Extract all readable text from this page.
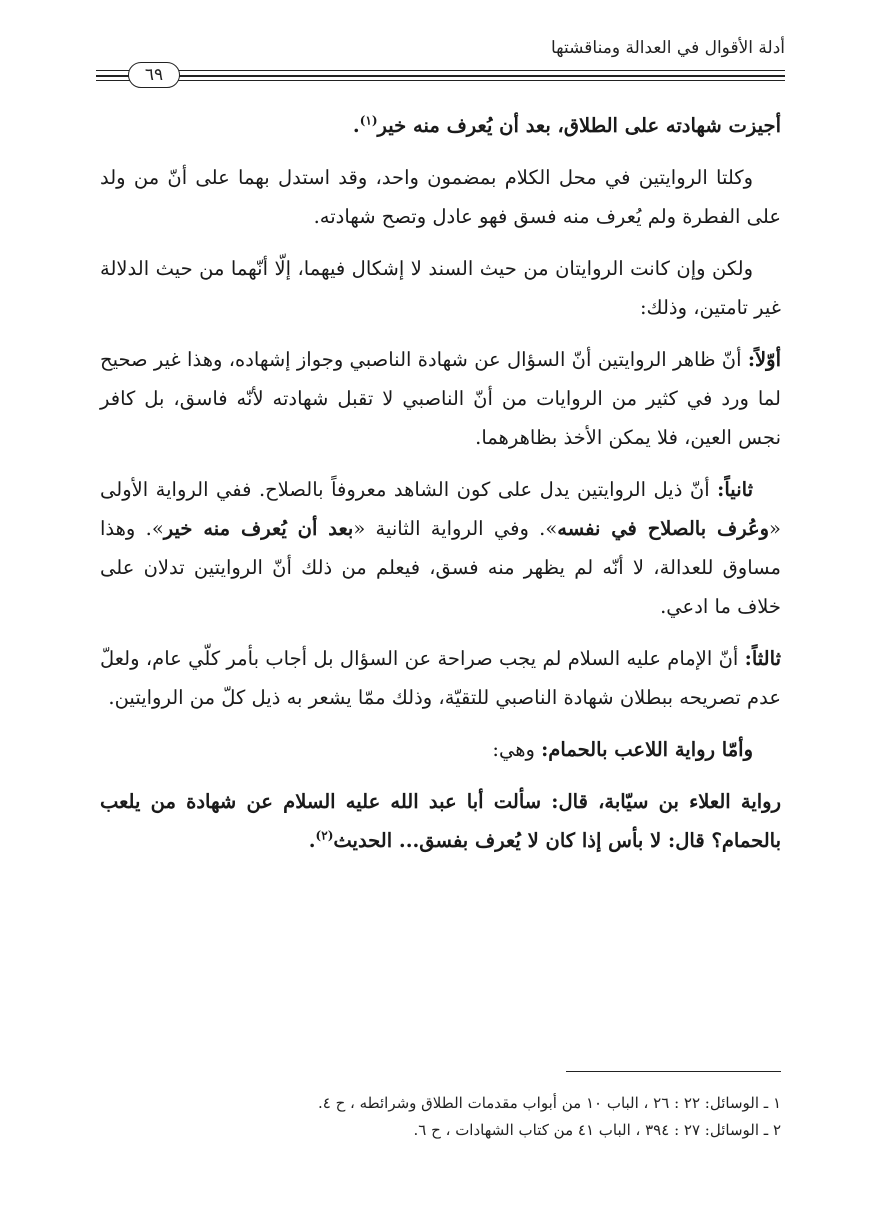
أدلة الأقوال في العدالة ومناقشتها
٦٩

أجيزت شهادته على الطلاق، بعد أن يُعرف منه خير$^{(١)}$.

وكلتا الروايتين في محل الكلام بمضمون واحد، وقد استدل بهما على أنّ من ولد على الفطرة ولم يُعرف منه فسق فهو عادل وتصح شهادته.

ولكن وإن كانت الروايتان من حيث السند لا إشكال فيهما، إلّا أنّهما من حيث الدلالة غير تامتين، وذلك:

أوّلاً: أنّ ظاهر الروايتين أنّ السؤال عن شهادة الناصبي وجواز إشهاده، وهذا غير صحيح لما ورد في كثير من الروايات من أنّ الناصبي لا تقبل شهادته لأنّه فاسق، بل كافر نجس العين، فلا يمكن الأخذ بظاهرهما.

ثانياً: أنّ ذيل الروايتين يدل على كون الشاهد معروفاً بالصلاح. ففي الرواية الأولى «وعُرف بالصلاح في نفسه». وفي الرواية الثانية «بعد أن يُعرف منه خير». وهذا مساوق للعدالة، لا أنّه لم يظهر منه فسق، فيعلم من ذلك أنّ الروايتين تدلان على خلاف ما ادعي.

ثالثاً: أنّ الإمام عليه السلام لم يجب صراحة عن السؤال بل أجاب بأمر كلّي عام، ولعلّ عدم تصريحه ببطلان شهادة الناصبي للتقيّة، وذلك ممّا يشعر به ذيل كلّ من الروايتين.

وأمّا رواية اللاعب بالحمام: وهي:

رواية العلاء بن سيّابة، قال: سألت أبا عبد الله عليه السلام عن شهادة من يلعب بالحمام؟ قال: لا بأس إذا كان لا يُعرف بفسق... الحديث$^{(٢)}$.

١ ـ الوسائل: ٢٢ : ٢٦ ، الباب ١٠ من أبواب مقدمات الطلاق وشرائطه ، ح ٤.
٢ ـ الوسائل: ٢٧ : ٣٩٤ ، الباب ٤١ من كتاب الشهادات ، ح ٦.
